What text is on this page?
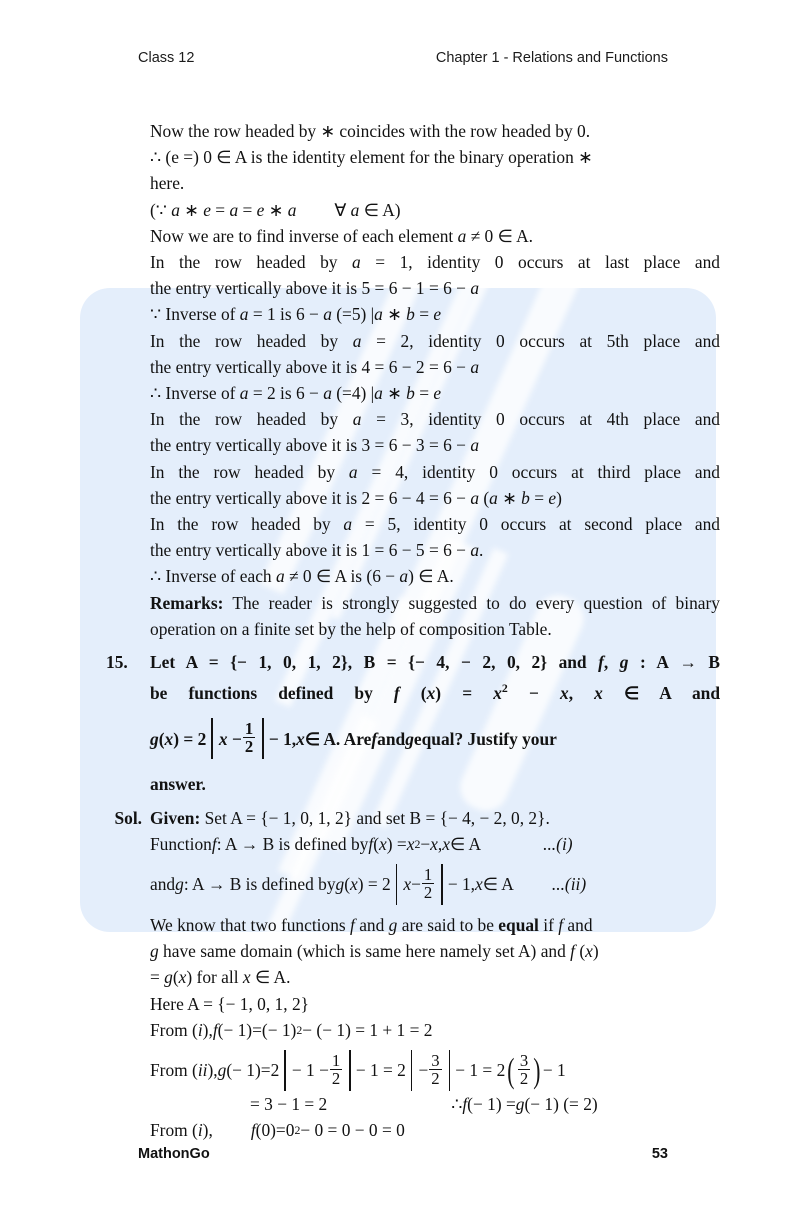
Class 12	Chapter 1 - Relations and Functions

Now the row headed by ∗ coincides with the row headed by 0.

∴ (e =) 0 ∈ A is the identity element for the binary operation ∗

here.

(∵ a ∗ e = a = e ∗ a ∀ a ∈ A)

Now we are to find inverse of each element a ≠ 0 ∈ A.

In the row headed by a = 1, identity 0 occurs at last place and

the entry vertically above it is 5 = 6 − 1 = 6 − a

∵ Inverse of a = 1 is 6 − a (=5) |a ∗ b = e

In the row headed by a = 2, identity 0 occurs at 5th place and

the entry vertically above it is 4 = 6 − 2 = 6 − a

∴ Inverse of a = 2 is 6 − a (=4) |a ∗ b = e

In the row headed by a = 3, identity 0 occurs at 4th place and

the entry vertically above it is 3 = 6 − 3 = 6 − a

In the row headed by a = 4, identity 0 occurs at third place and

the entry vertically above it is 2 = 6 − 4 = 6 − a (a ∗ b = e)

In the row headed by a = 5, identity 0 occurs at second place and

the entry vertically above it is 1 = 6 − 5 = 6 − a.

∴ Inverse of each a ≠ 0 ∈ A is (6 − a) ∈ A.

Remarks: The reader is strongly suggested to do every question of binary operation on a finite set by the help of composition Table.

15.	Let A = {− 1, 0, 1, 2}, B = {− 4, − 2, 0, 2} and f, g : A → B
be functions defined by f $(x) = x^2 - x$, x ∈ A and
g ( x ) = 2 x
− $\frac{1}{2} - 1$, x ∈ A. Are f and g equal? Justify your
answer.
Sol. Given: Set A = {− 1, 0, 1, 2} and set B = {− 4, − 2, 0, 2}.
Function f : A → B is defined by f ( x ) = x 2 − x , x ∈ A	...(i)
and g : A → B is defined by g ( x ) = 2 $x - \frac{1}{2} - 1$, x ∈ A ...(ii)
We know that two functions f and g are said to be equal if f and
g have same domain (which is same here namely set A) and f (x)
= g(x) for all x ∈ A.
Here A = {− 1, 0, 1, 2}
From ( i ), f (− 1)=(− 1) 2 − (− 1) = 1 + 1 = 2
From ( ii ), g (− $1)=2 - 1 - \frac{1}{2} - 1 = 2 - \frac{3}{2} - 1 = 2$ ( $\frac{3}{2}$ ) − 1
= 3 − 1 = 2	∴ f (− 1) = g (− 1) (= 2)
From ( i ), f (0)=0 2 − 0 = 0 − 0 = 0
MathonGo	53
